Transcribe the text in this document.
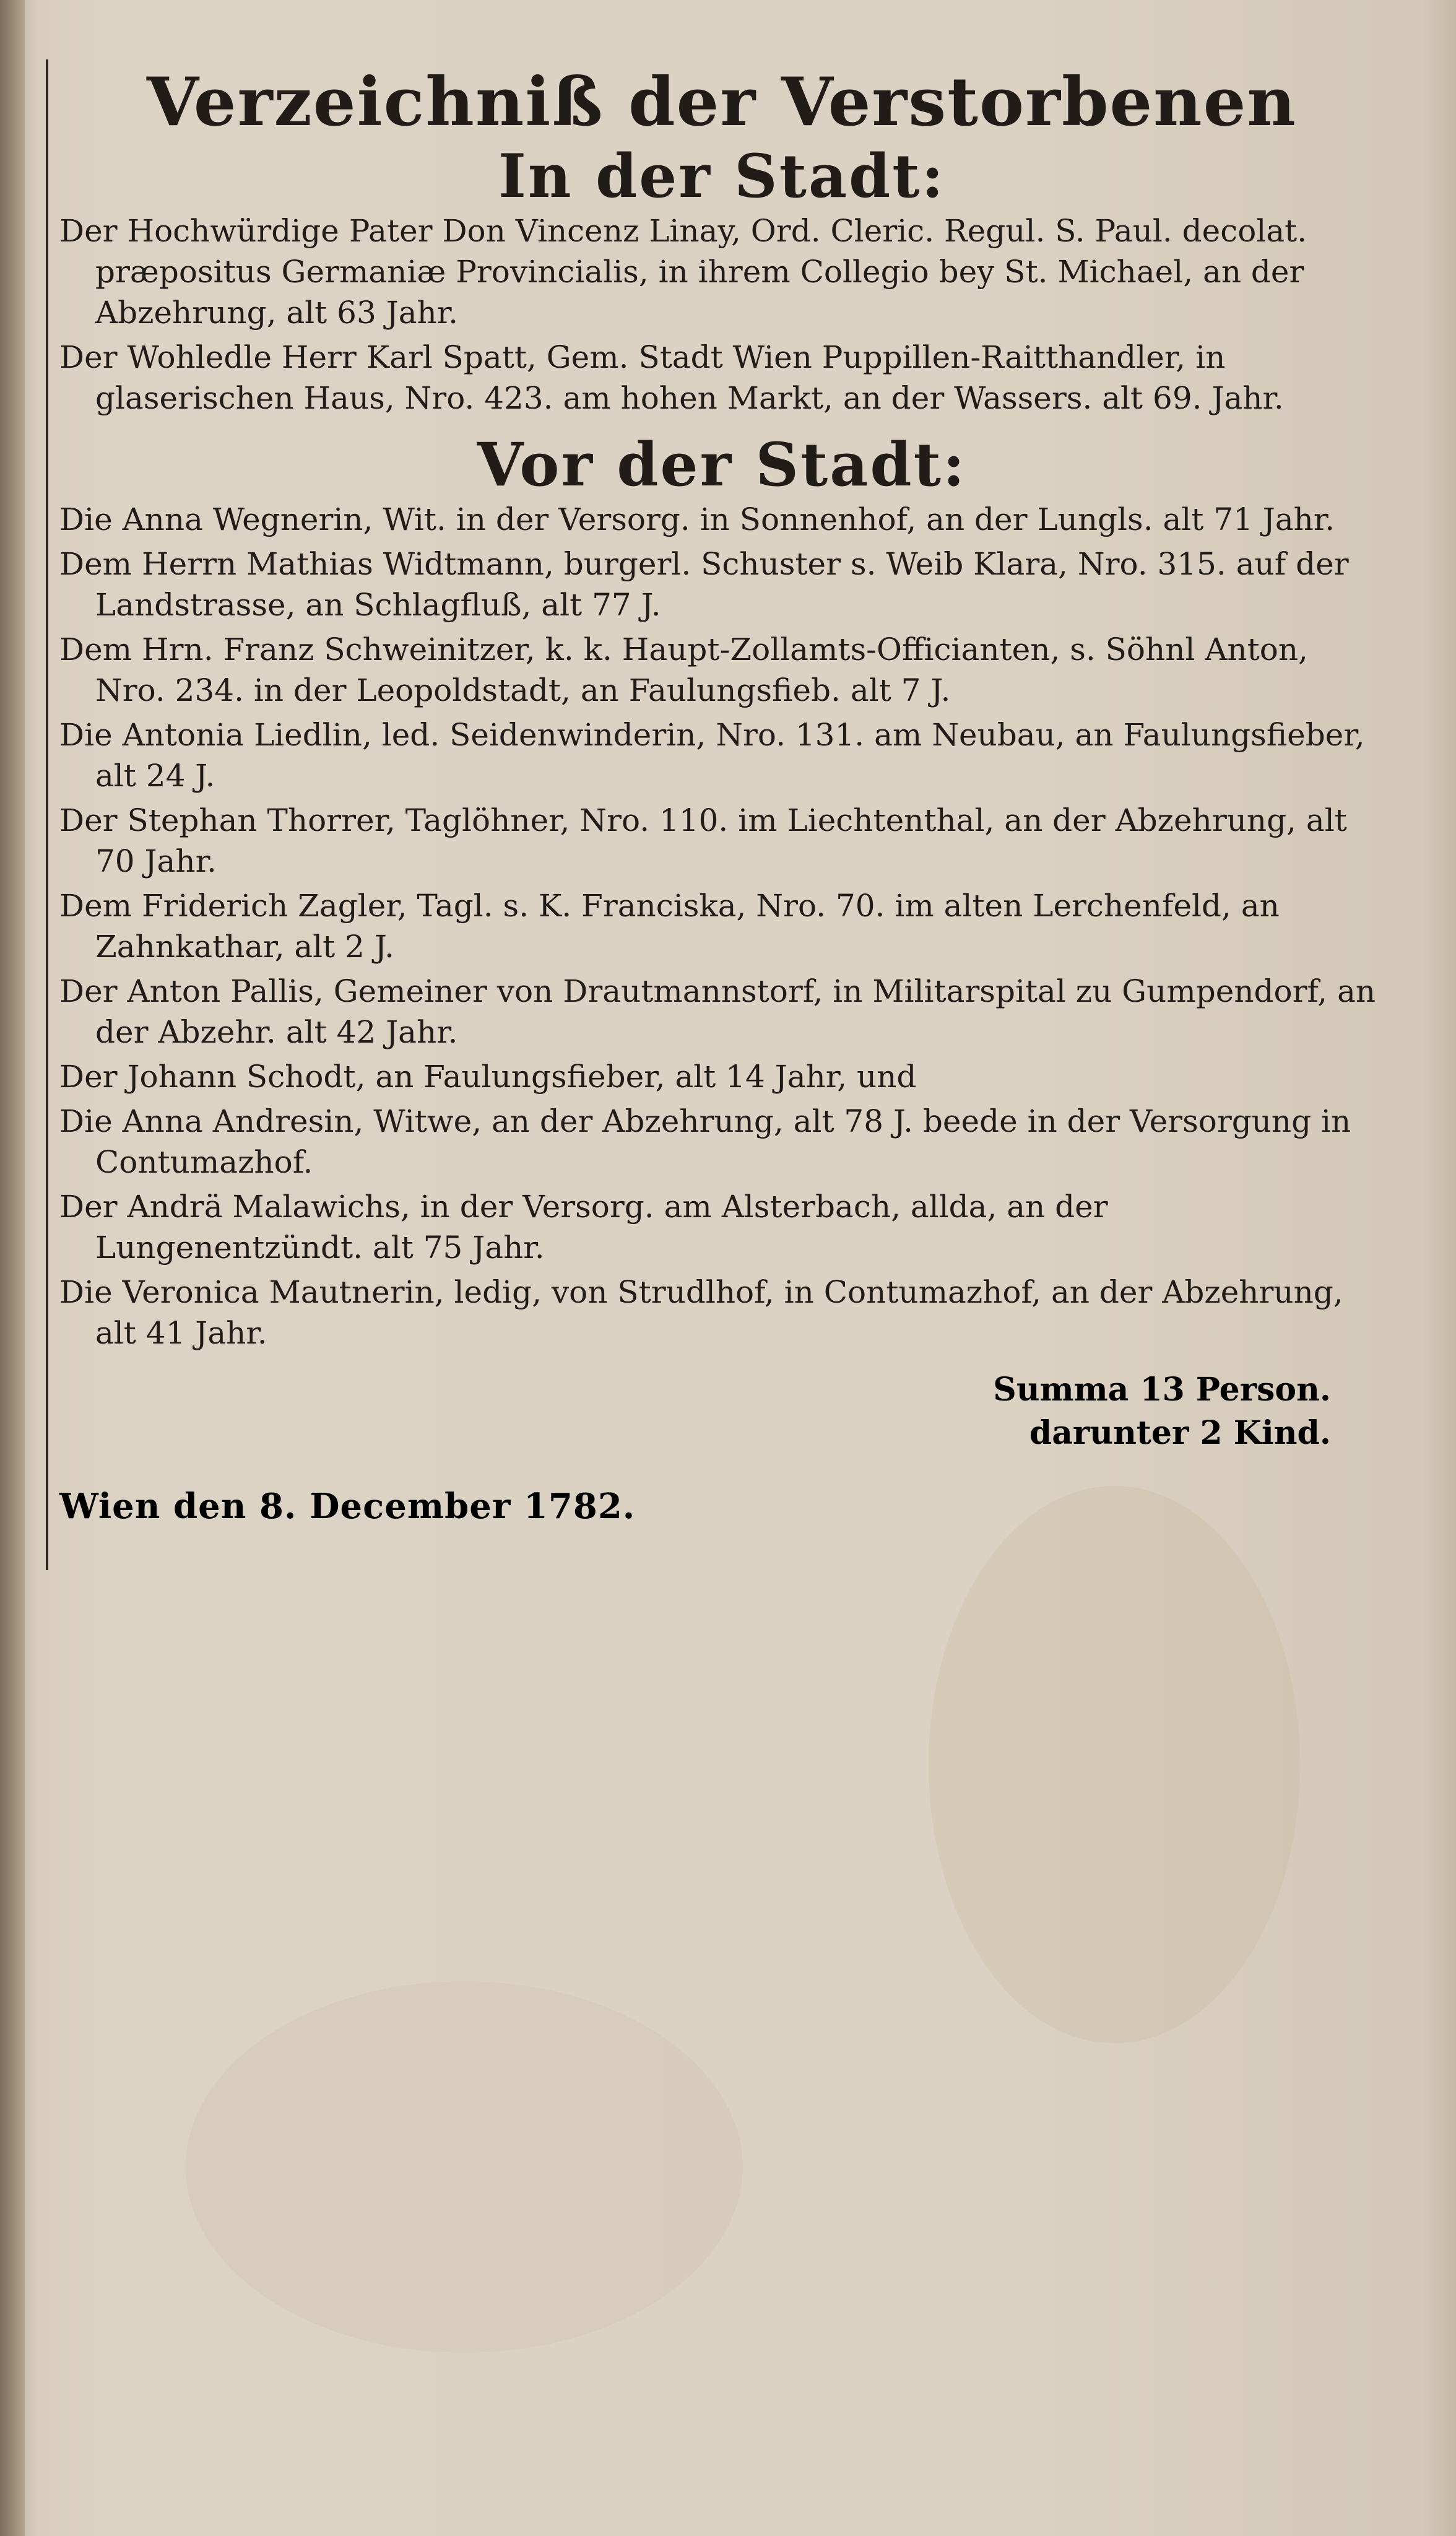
Verzeichniß der Verstorbenen
In der Stadt:

Der Hochwürdige Pater Don Vincenz Linay, Ord. Cleric. Regul. S. Paul. decolat. præpositus Germaniæ Provincialis, in ihrem Collegio bey St. Michael, an der Abzehrung, alt 63 Jahr.

Der Wohledle Herr Karl Spatt, Gem. Stadt Wien Puppillen-Raitthandler, in glaserischen Haus, Nro. 423. am hohen Markt, an der Wassers. alt 69. Jahr.

Vor der Stadt:

Die Anna Wegnerin, Wit. in der Versorg. in Sonnenhof, an der Lungls. alt 71 Jahr.

Dem Herrn Mathias Widtmann, burgerl. Schuster s. Weib Klara, Nro. 315. auf der Landstrasse, an Schlagfluß, alt 77 J.

Dem Hrn. Franz Schweinitzer, k. k. Haupt-Zollamts-Officianten, s. Söhnl Anton, Nro. 234. in der Leopoldstadt, an Faulungsfieb. alt 7 J.

Die Antonia Liedlin, led. Seidenwinderin, Nro. 131. am Neubau, an Faulungsfieber, alt 24 J.

Der Stephan Thorrer, Taglöhner, Nro. 110. im Liechtenthal, an der Abzehrung, alt 70 Jahr.

Dem Friderich Zagler, Tagl. s. K. Franciska, Nro. 70. im alten Lerchenfeld, an Zahnkathar, alt 2 J.

Der Anton Pallis, Gemeiner von Drautmannstorf, in Militarspital zu Gumpendorf, an der Abzehr. alt 42 Jahr.

Der Johann Schodt, an Faulungsfieber, alt 14 Jahr, und

Die Anna Andresin, Witwe, an der Abzehrung, alt 78 J. beede in der Versorgung in Contumazhof.

Der Andrä Malawichs, in der Versorg. am Alsterbach, allda, an der Lungenentzündt. alt 75 Jahr.

Die Veronica Mautnerin, ledig, von Strudlhof, in Contumazhof, an der Abzehrung, alt 41 Jahr.

Summa 13 Person.
darunter 2 Kind.
Wien den 8. December 1782.
